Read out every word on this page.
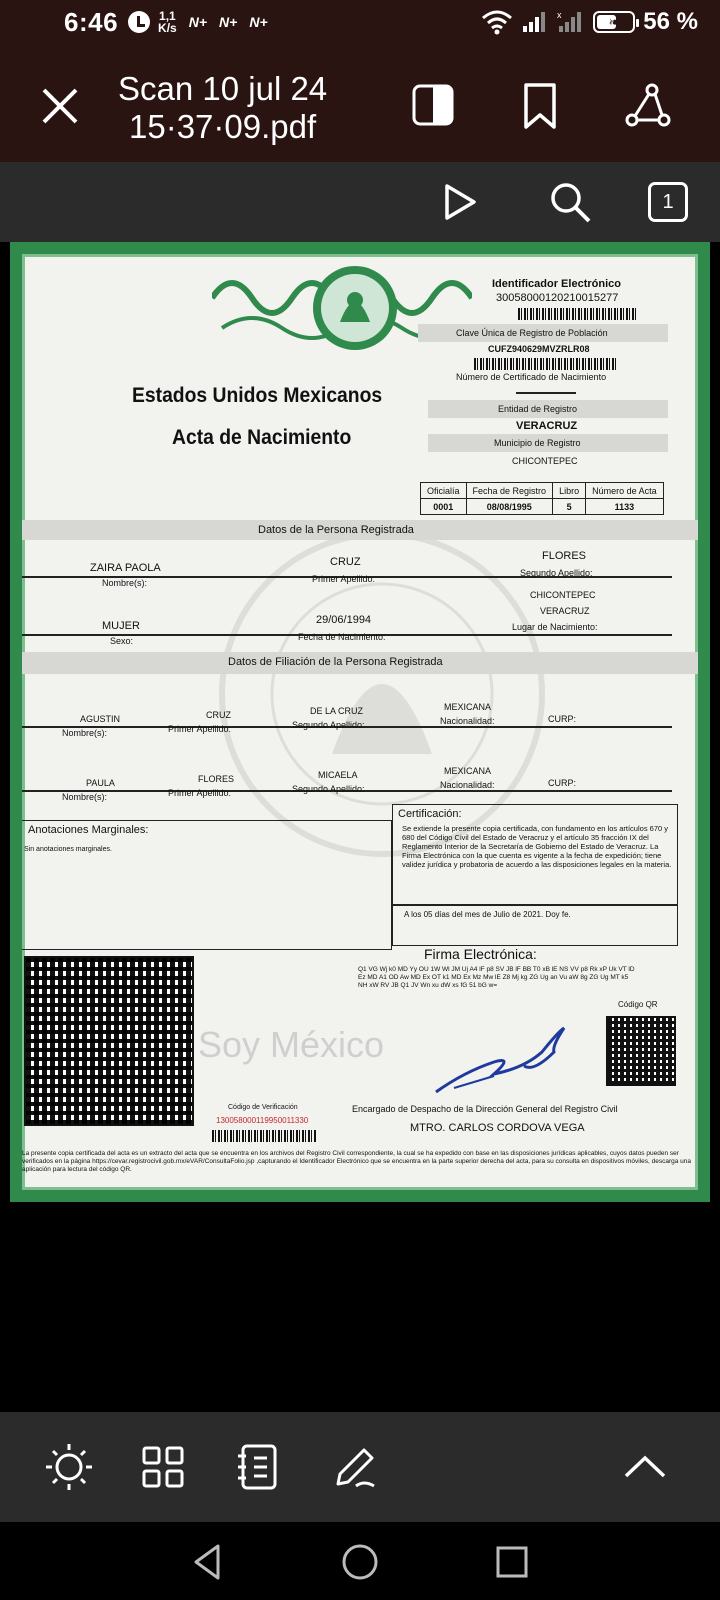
6:46	1,1
K/s N+ N+ N+	x	❧ 56 %
Scan 10 jul 24
15·37·09.pdf
1
Identificador Electrónico
30058000120210015277
Clave Única de Registro de Población
CUFZ940629MVZRLR08
Número de Certificado de Nacimiento
Estados Unidos Mexicanos
Acta de Nacimiento
Entidad de Registro
VERACRUZ
Municipio de Registro
CHICONTEPEC
Oficialía	Fecha de Registro	Libro	Número de Acta
0001	08/08/1995	5	1133
Datos de la Persona Registrada
ZAIRA PAOLA	CRUZ	FLORES
Nombre(s):	Primer Apellido:
Segundo Apellido:
CHICONTEPEC
VERACRUZ
MUJER	29/06/1994
Sexo:	Fecha de Nacimiento:
Lugar de Nacimiento:
Datos de Filiación de la Persona Registrada
AGUSTIN	CRUZ	DE LA CRUZ	MEXICANA
Nombre(s):	Primer Apellido:	Segundo Apellido:	Nacionalidad:	CURP:
PAULA	FLORES	MICAELA	MEXICANA
Nombre(s):	Primer Apellido:	Segundo Apellido:	Nacionalidad:	CURP:
Anotaciones Marginales:
Sin anotaciones marginales.
Certificación:
Se extiende la presente copia certificada, con fundamento en los artículos 670 y 680 del Código Civil del Estado de Veracruz y el artículo 35 fracción IX del Reglamento Interior de la Secretaría de Gobierno del Estado de Veracruz. La Firma Electrónica con la que cuenta es vigente a la fecha de expedición; tiene validez jurídica y probatoria de acuerdo a las disposiciones legales en la materia.
A los 05 días del mes de Julio de 2021. Doy fe.
Firma Electrónica:
Q1 VG Wj k0 MD Yy OU 1W Wl JM Uj A4 lF p8 SV JB lF BB T0 xB lE NS VV p8 Rk xP Uk VT lD Ez MD A1 OD Aw MD Ex OT k1 MD Ex Mz Mw lE Z8 Mj kg ZG Ug an Vu aW 8g ZG Ug MT k5 NH xW RV JB Q1 JV Wn xu dW xs fG 51 bG w=
Código QR
Soy México
Código de Verificación
130058000119950011330
Encargado de Despacho de la Dirección General del Registro Civil
MTRO. CARLOS CORDOVA VEGA
La presente copia certificada del acta es un extracto del acta que se encuentra en los archivos del Registro Civil correspondiente, la cual se ha expedido con base en las disposiciones jurídicas aplicables, cuyos datos pueden ser verificados en la página https://cevar.registrocivil.gob.mx/eVAR/ConsultaFolio.jsp ,capturando el Identificador Electrónico que se encuentra en la parte superior derecha del acta, para su consulta en dispositivos móviles, descarga una aplicación para lectura del código QR.
